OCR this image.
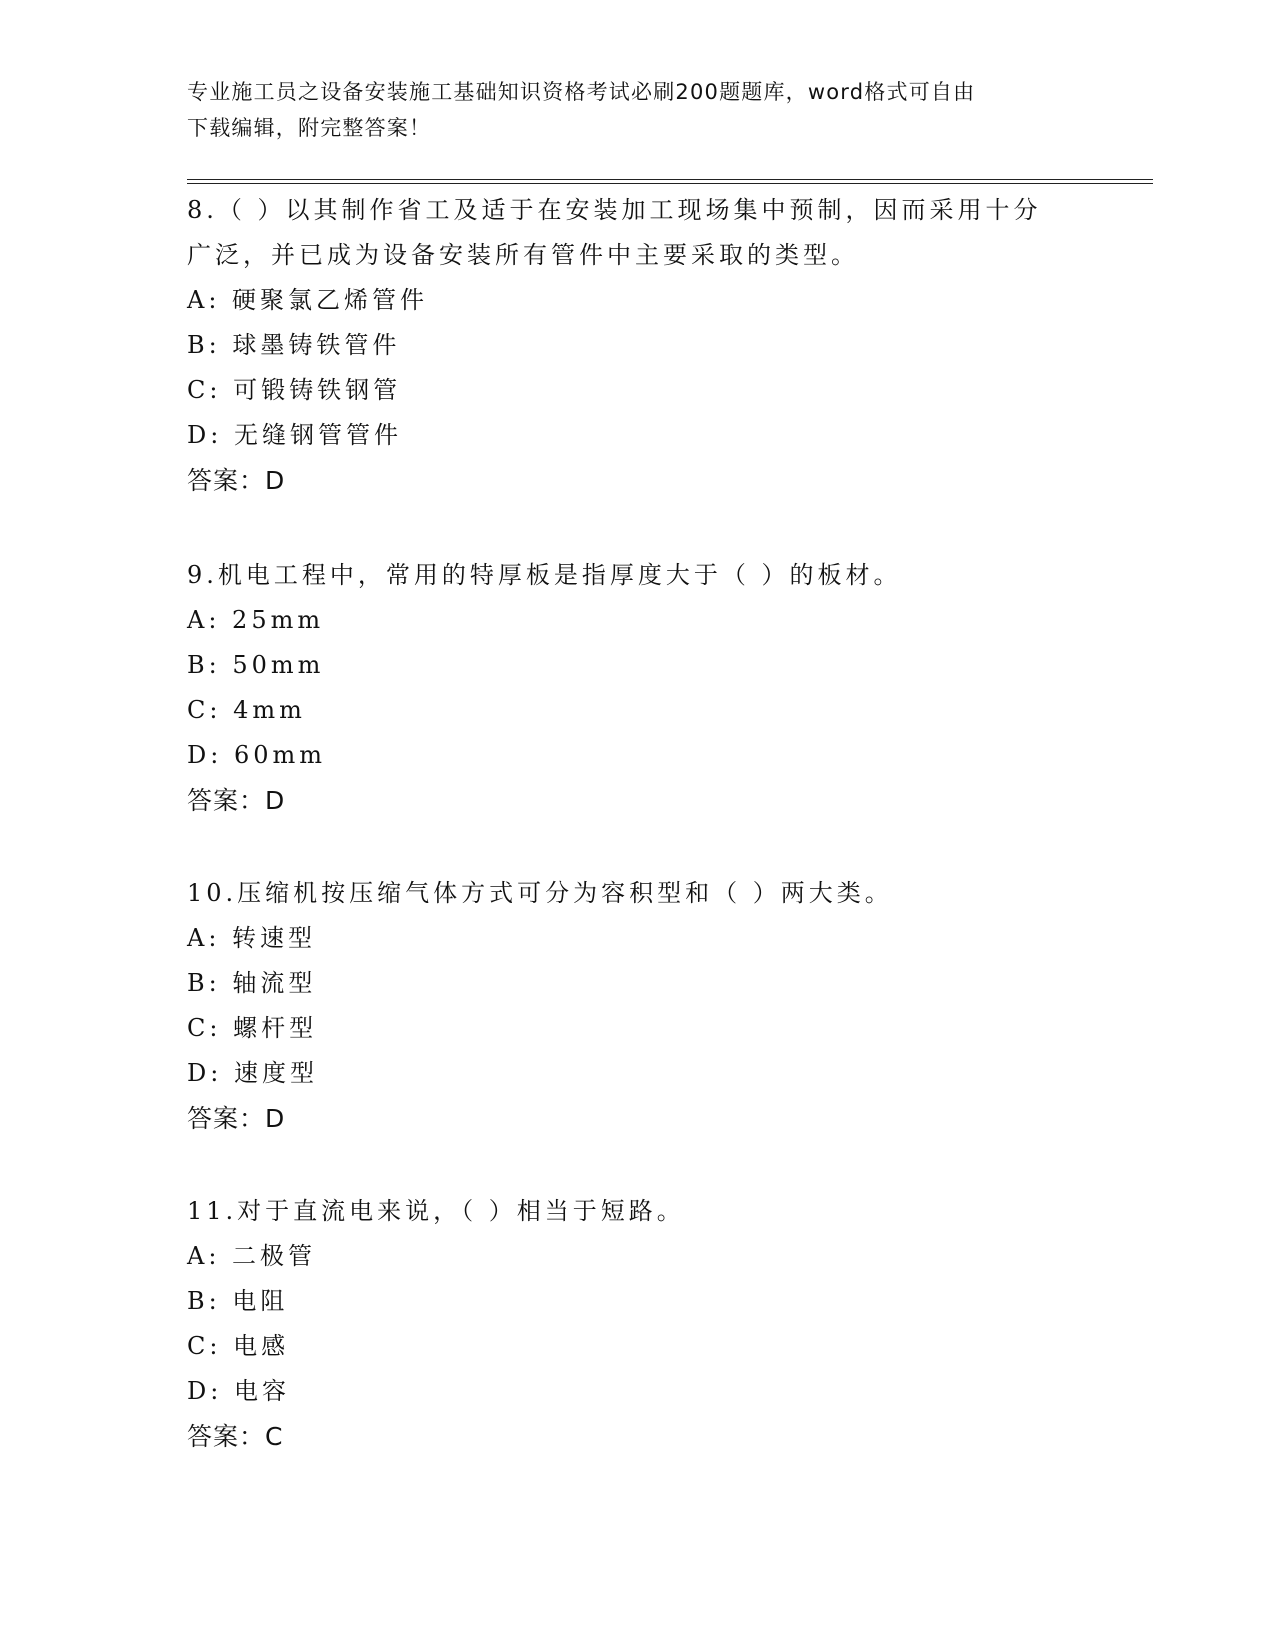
专业施工员之设备安装施工基础知识资格考试必刷200题题库，word格式可自由
下载编辑，附完整答案！

8.（ ）以其制作省工及适于在安装加工现场集中预制，因而采用十分

广泛，并已成为设备安装所有管件中主要采取的类型。

A: 硬聚氯乙烯管件

B: 球墨铸铁管件

C: 可锻铸铁钢管

D: 无缝钢管管件

答案：D

9.机电工程中，常用的特厚板是指厚度大于（ ）的板材。

A: 25mm

B: 50mm

C: 4mm

D: 60mm

答案：D

10.压缩机按压缩气体方式可分为容积型和（ ）两大类。

A: 转速型

B: 轴流型

C: 螺杆型

D: 速度型

答案：D

11.对于直流电来说，（ ）相当于短路。

A: 二极管

B: 电阻

C: 电感

D: 电容

答案：C
